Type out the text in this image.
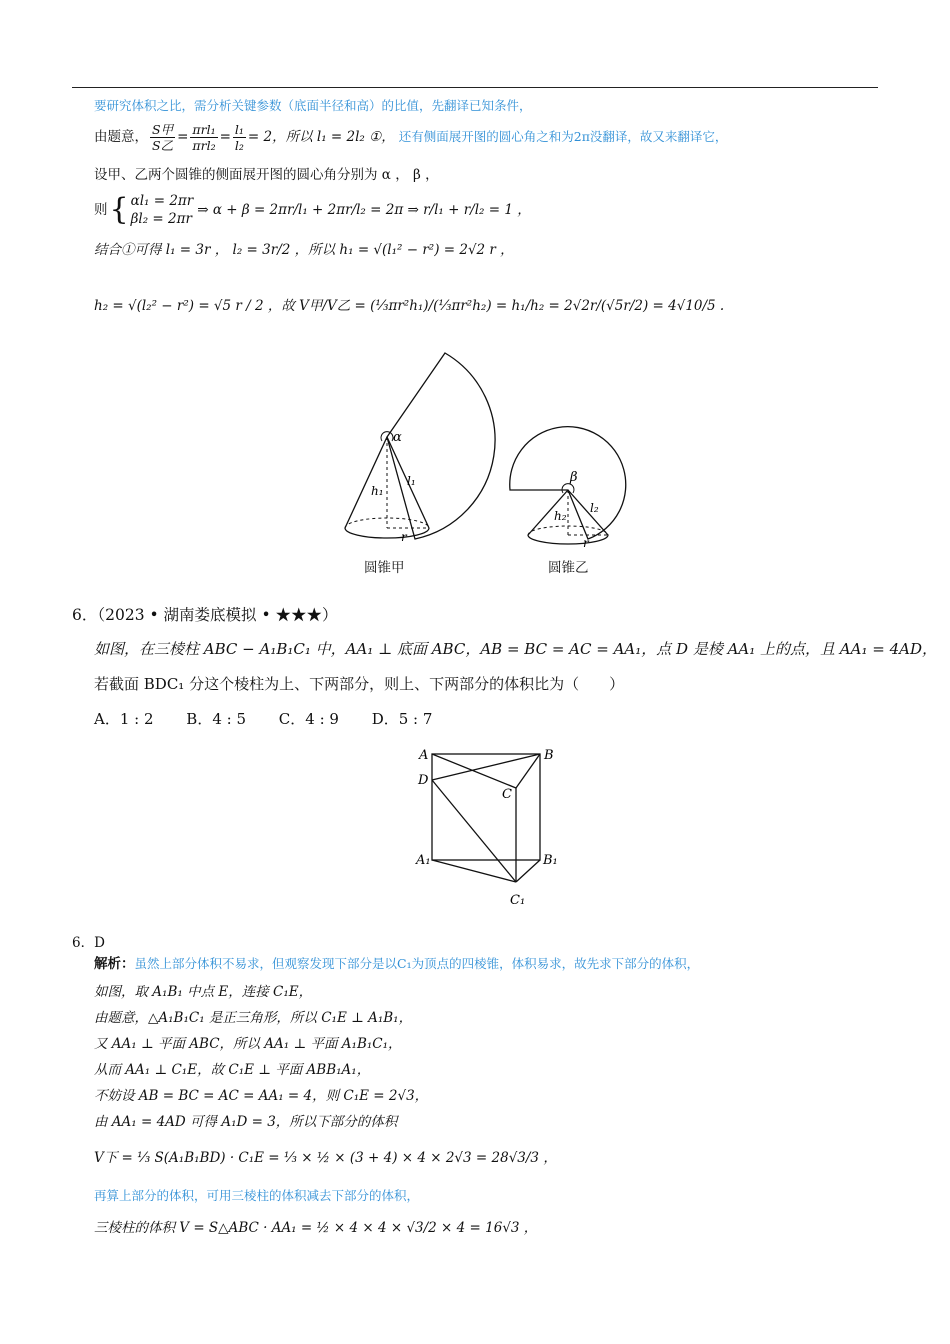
要研究体积之比，需分析关键参数（底面半径和高）的比值，先翻译已知条件，
由题意， $\frac{\text{S甲}}{\text{S乙}} = \frac{\text{πrl₁}}{\text{πrl₂}} = \frac{\text{l₁}}{\text{l₂}} = 2$，所以 l₁ = 2l₂ ①， 还有侧面展开图的圆心角之和为2π没翻译，故又来翻译它，
设甲、乙两个圆锥的侧面展开图的圆心角分别为 α ， β ，
则 { αl₁ = 2πr
βl₂ = 2πr
⇒ α + β = 2πr/l₁ + 2πr/l₂ = 2π ⇒ r/l₁ + r/l₂ = 1 ，
结合①可得 l₁ = 3r ， l₂ = 3r/2 ，所以 h₁ = √(l₁² − r²) = 2√2 r ，
h₂ = √(l₂² − r²) = √5 r / 2 ，故 V甲/V乙 = (⅓πr²h₁)/(⅓πr²h₂) = h₁/h₂ = 2√2r/(√5r/2) = 4√10/5 .
α
l₁
h₁
r
β
l₂
h₂
r
圆锥甲	圆锥乙
6．（2023 • 湖南娄底模拟 • ★★★）
如图，在三棱柱 ABC − A₁B₁C₁ 中，AA₁ ⊥ 底面 ABC，AB = BC = AC = AA₁，点 D 是棱 AA₁ 上的点，且 AA₁ = 4AD，
若截面 BDC₁ 分这个棱柱为上、下两部分，则上、下两部分的体积比为（　　）
A．1 : 2 B．4 : 5 C．4 : 9 D．5 : 7
A	B
D
C
A₁	B₁
C₁
6．D
解析：虽然上部分体积不易求，但观察发现下部分是以C₁为顶点的四棱锥，体积易求，故先求下部分的体积，
如图，取 A₁B₁ 中点 E，连接 C₁E，
由题意，△A₁B₁C₁ 是正三角形，所以 C₁E ⊥ A₁B₁，
又 AA₁ ⊥ 平面 ABC，所以 AA₁ ⊥ 平面 A₁B₁C₁，
从而 AA₁ ⊥ C₁E，故 C₁E ⊥ 平面 ABB₁A₁，
不妨设 AB = BC = AC = AA₁ = 4，则 C₁E = 2√3，
由 AA₁ = 4AD 可得 A₁D = 3，所以下部分的体积
V下 = ⅓ S(A₁B₁BD) · C₁E = ⅓ × ½ × (3 + 4) × 4 × 2√3 = 28√3/3 ，
再算上部分的体积，可用三棱柱的体积减去下部分的体积，
三棱柱的体积 V = S△ABC · AA₁ = ½ × 4 × 4 × √3/2 × 4 = 16√3 ，
